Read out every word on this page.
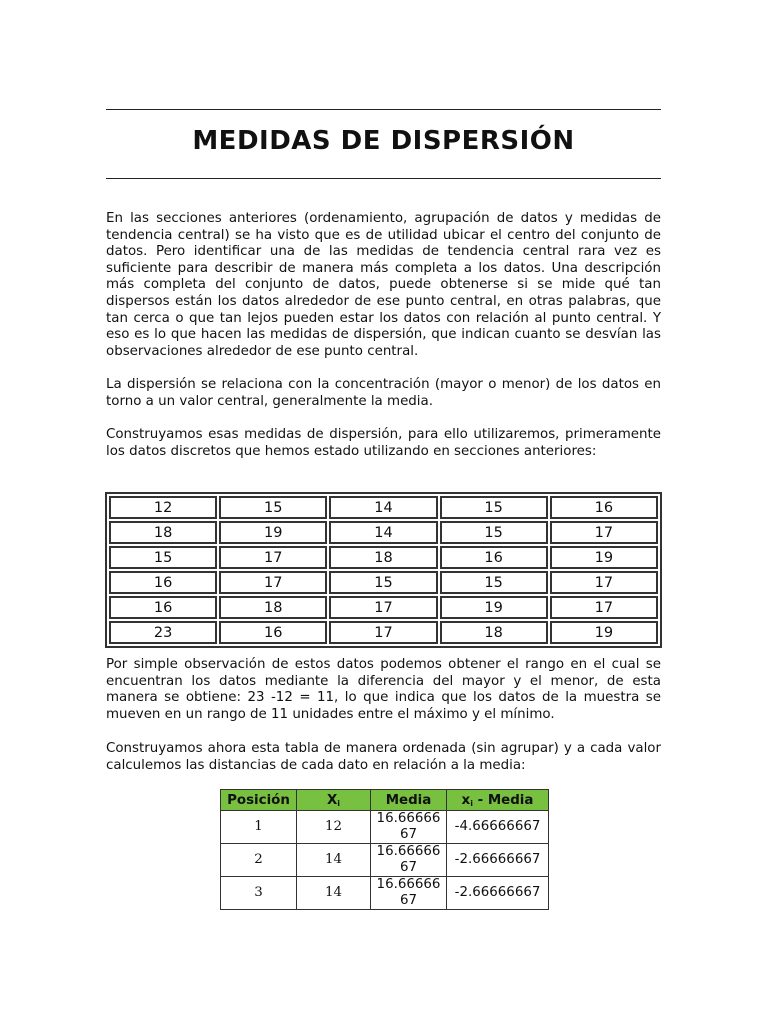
MEDIDAS DE DISPERSIÓN

En las secciones anteriores (ordenamiento, agrupación de datos y medidas de tendencia central) se ha visto que es de utilidad ubicar el centro del conjunto de datos. Pero identificar una de las medidas de tendencia central rara vez es suficiente para describir de manera más completa a los datos. Una descripción más completa del conjunto de datos, puede obtenerse si se mide qué tan dispersos están los datos alrededor de ese punto central, en otras palabras, que tan cerca o que tan lejos pueden estar los datos con relación al punto central. Y eso es lo que hacen las medidas de dispersión, que indican cuanto se desvían las observaciones alrededor de ese punto central.

La dispersión se relaciona con la concentración (mayor o menor) de los datos en torno a un valor central, generalmente la media.

Construyamos esas medidas de dispersión, para ello utilizaremos, primeramente los datos discretos que hemos estado utilizando en secciones anteriores:

12	15	14	15	16
18	19	14	15	17
15	17	18	16	19
16	17	15	15	17
16	18	17	19	17
23	16	17	18	19

Por simple observación de estos datos podemos obtener el rango en el cual se encuentran los datos mediante la diferencia del mayor y el menor, de esta manera se obtiene: 23 -12 = 11, lo que indica que los datos de la muestra se mueven en un rango de 11 unidades entre el máximo y el mínimo.

Construyamos ahora esta tabla de manera ordenada (sin agrupar) y a cada valor calculemos las distancias de cada dato en relación a la media:

Posición	$X_i$	Media	$x_i$ - Media
1	12	16.6666667	-4.66666667
2	14	16.6666667	-2.66666667
3	14	16.6666667	-2.66666667
